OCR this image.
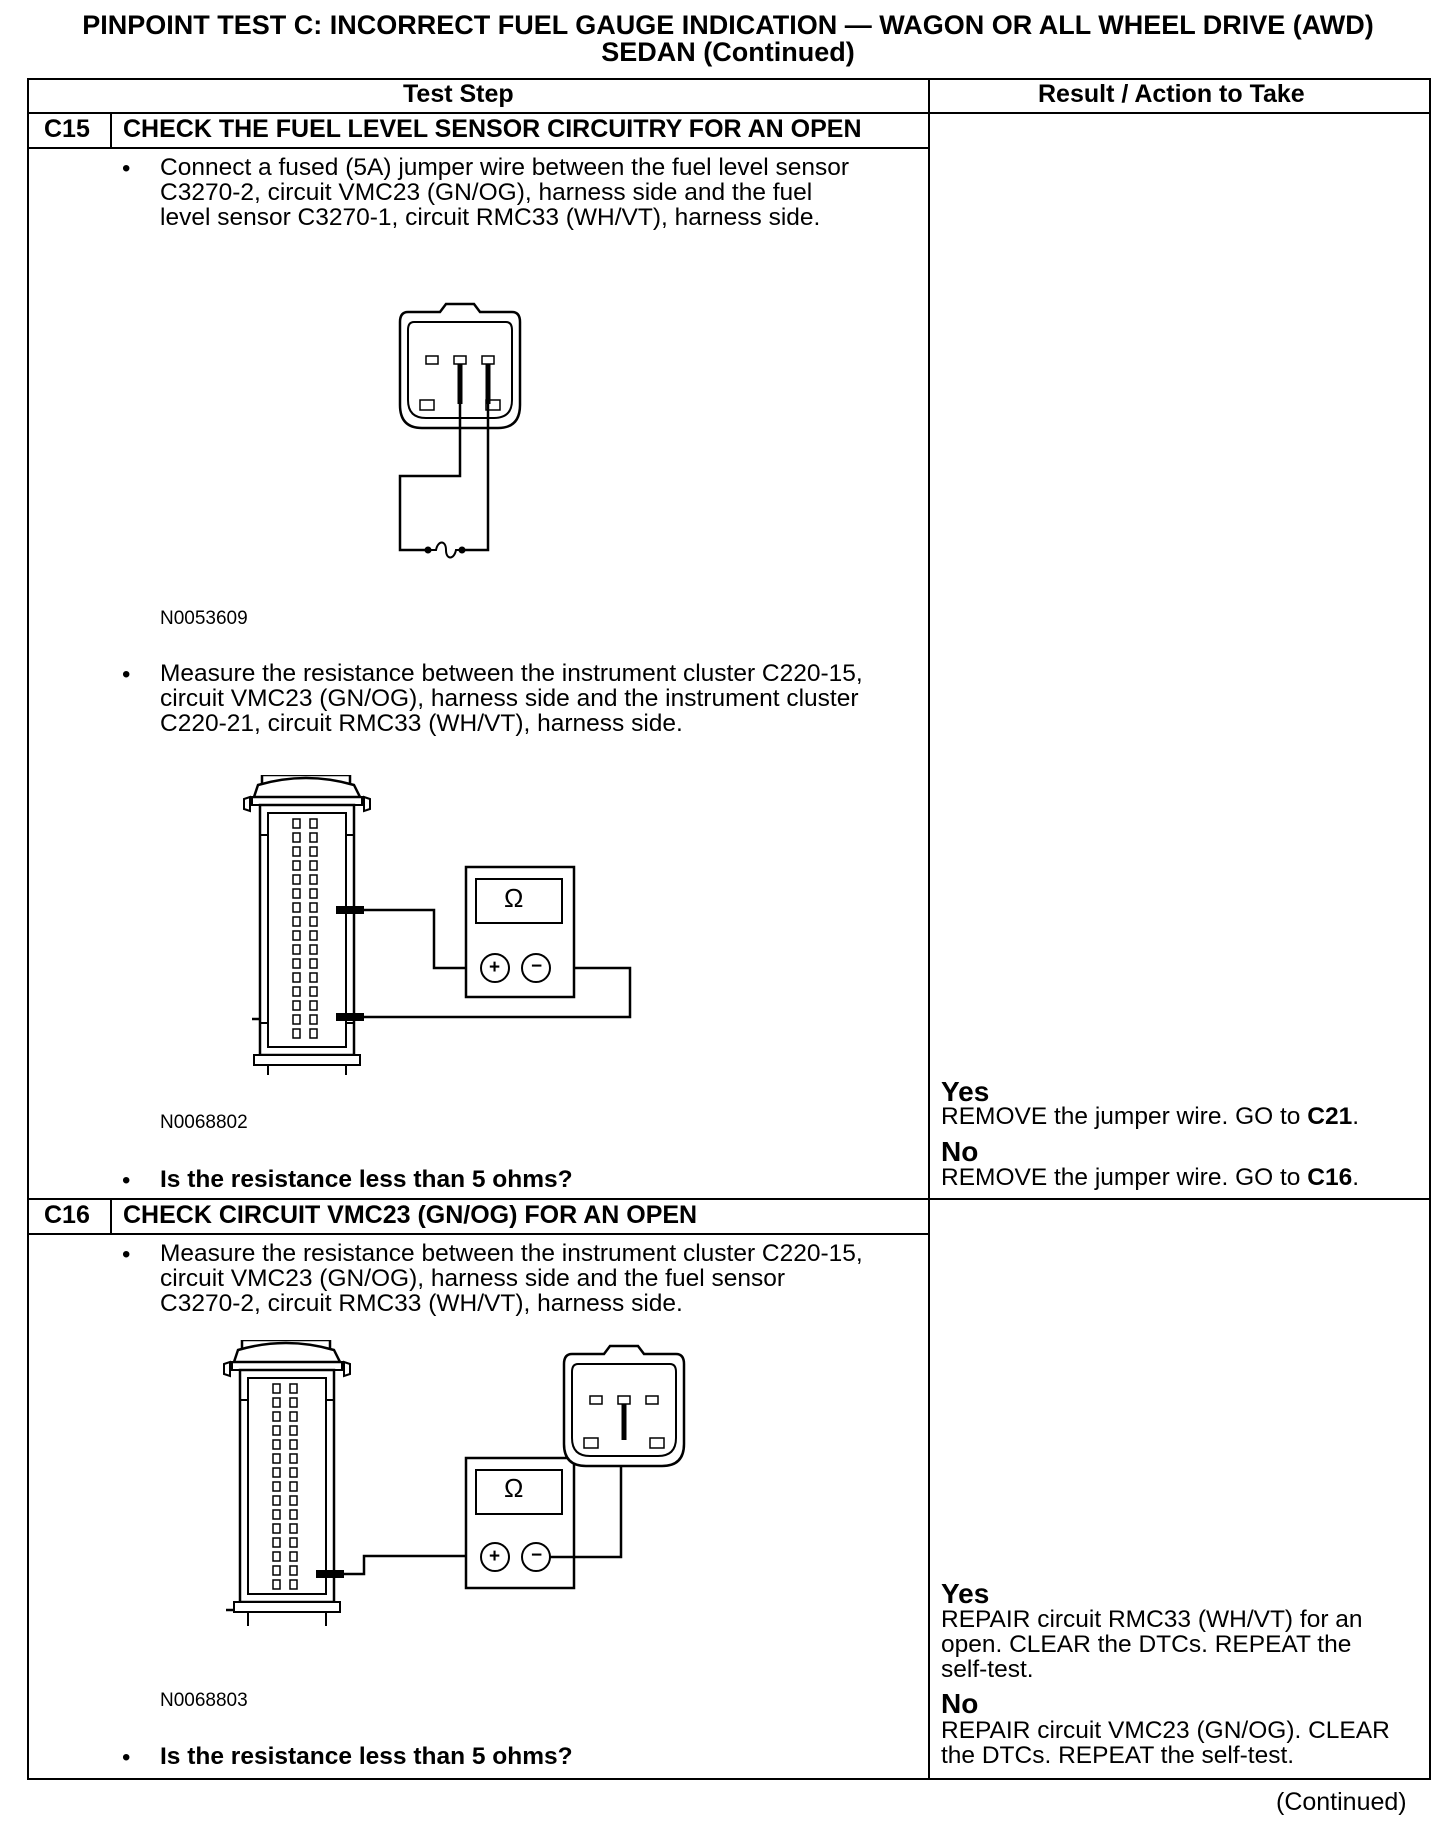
PINPOINT TEST C: INCORRECT FUEL GAUGE INDICATION — WAGON OR ALL WHEEL DRIVE (AWD)
SEDAN (Continued)
Test Step	Result / Action to Take
C15 CHECK THE FUEL LEVEL SENSOR CIRCUITRY FOR AN OPEN
• Connect a fused (5A) jumper wire between the fuel level sensor
C3270-2, circuit VMC23 (GN/OG), harness side and the fuel
level sensor C3270-1, circuit RMC33 (WH/VT), harness side.
N0053609
• Measure the resistance between the instrument cluster C220-15,
circuit VMC23 (GN/OG), harness side and the instrument cluster
C220-21, circuit RMC33 (WH/VT), harness side.
Ω
+ −
N0068802
• Is the resistance less than 5 ohms?
Yes
REMOVE the jumper wire. GO to C21.
No
REMOVE the jumper wire. GO to C16.
C16 CHECK CIRCUIT VMC23 (GN/OG) FOR AN OPEN
• Measure the resistance between the instrument cluster C220-15,
circuit VMC23 (GN/OG), harness side and the fuel sensor
C3270-2, circuit RMC33 (WH/VT), harness side.
Ω
+ −
N0068803
• Is the resistance less than 5 ohms?
Yes
REPAIR circuit RMC33 (WH/VT) for an
open. CLEAR the DTCs. REPEAT the
self-test.
No
REPAIR circuit VMC23 (GN/OG). CLEAR
the DTCs. REPEAT the self-test.
(Continued)
